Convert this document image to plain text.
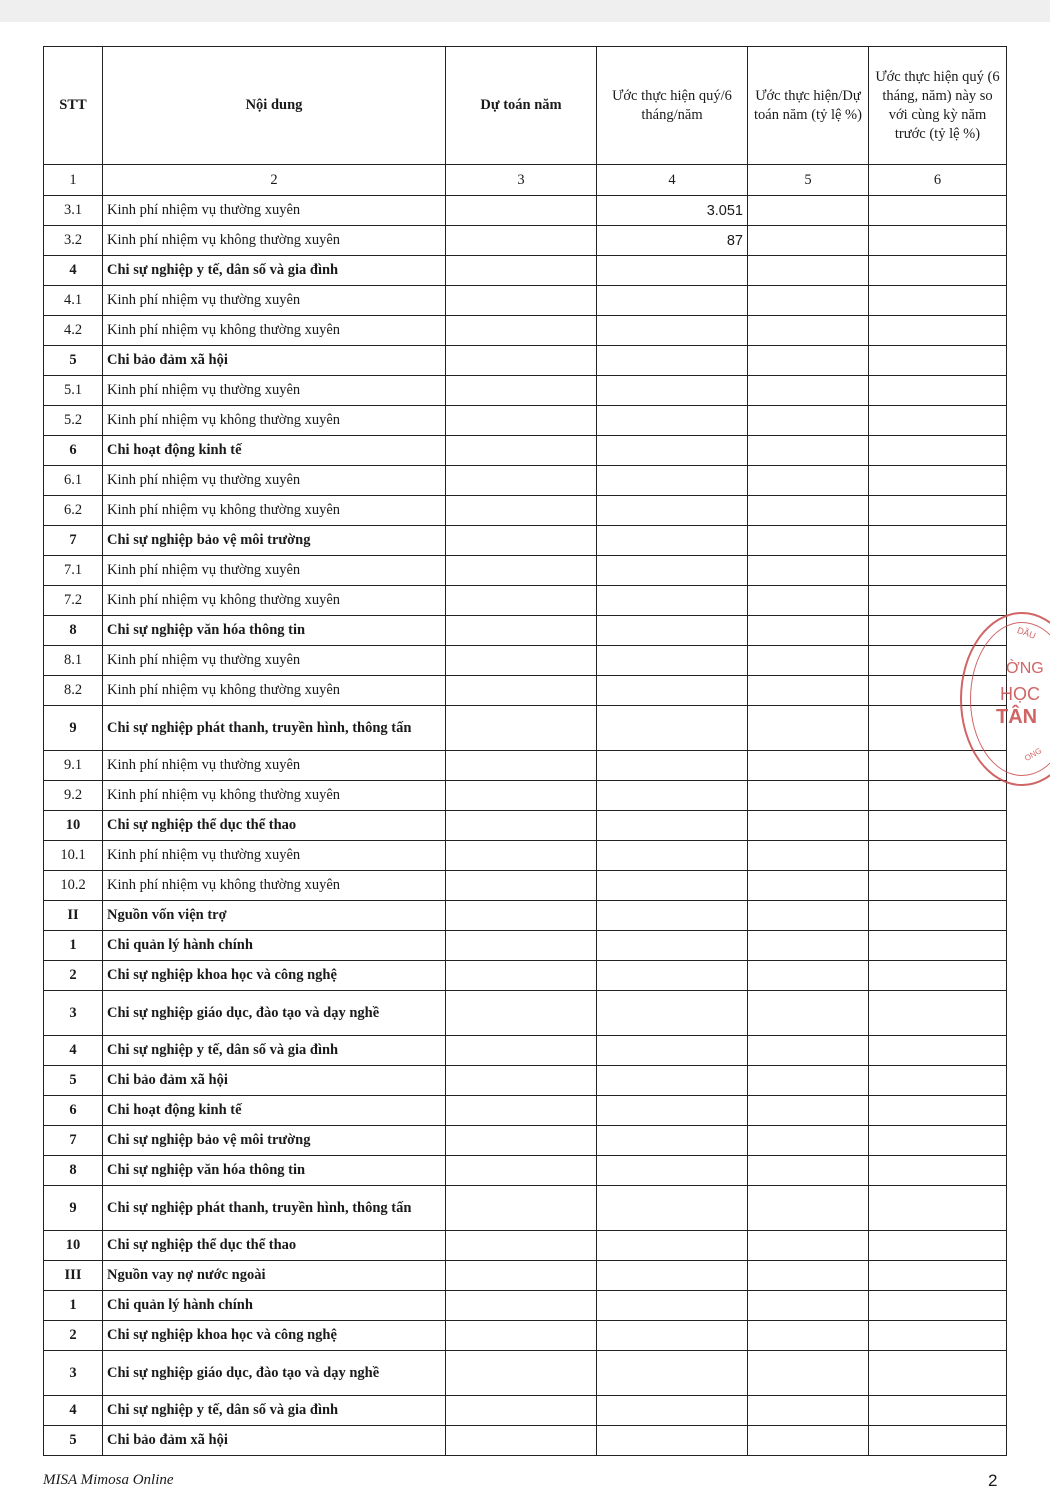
STT	Nội dung	Dự toán năm	Ước thực hiện quý/6 tháng/năm	Ước thực hiện/Dự toán năm (tỷ lệ %)	Ước thực hiện quý (6 tháng, năm) này so với cùng kỳ năm trước (tỷ lệ %)
1	2	3	4	5	6
3.1	Kinh phí nhiệm vụ thường xuyên		3.051		
3.2	Kinh phí nhiệm vụ không thường xuyên		87		
4	Chi sự nghiệp y tế, dân số và gia đình				
4.1	Kinh phí nhiệm vụ thường xuyên				
4.2	Kinh phí nhiệm vụ không thường xuyên				
5	Chi bảo đảm xã hội				
5.1	Kinh phí nhiệm vụ thường xuyên				
5.2	Kinh phí nhiệm vụ không thường xuyên				
6	Chi hoạt động kinh tế				
6.1	Kinh phí nhiệm vụ thường xuyên				
6.2	Kinh phí nhiệm vụ không thường xuyên				
7	Chi sự nghiệp bảo vệ môi trường				
7.1	Kinh phí nhiệm vụ thường xuyên				
7.2	Kinh phí nhiệm vụ không thường xuyên				
8	Chi sự nghiệp văn hóa thông tin				
8.1	Kinh phí nhiệm vụ thường xuyên				
8.2	Kinh phí nhiệm vụ không thường xuyên				
9	Chi sự nghiệp phát thanh, truyền hình, thông tấn				
9.1	Kinh phí nhiệm vụ thường xuyên				
9.2	Kinh phí nhiệm vụ không thường xuyên				
10	Chi sự nghiệp thể dục thể thao				
10.1	Kinh phí nhiệm vụ thường xuyên				
10.2	Kinh phí nhiệm vụ không thường xuyên				
II	Nguồn vốn viện trợ				
1	Chi quản lý hành chính				
2	Chi sự nghiệp khoa học và công nghệ				
3	Chi sự nghiệp giáo dục, đào tạo và dạy nghề				
4	Chi sự nghiệp y tế, dân số và gia đình				
5	Chi bảo đảm xã hội				
6	Chi hoạt động kinh tế				
7	Chi sự nghiệp bảo vệ môi trường				
8	Chi sự nghiệp văn hóa thông tin				
9	Chi sự nghiệp phát thanh, truyền hình, thông tấn				
10	Chi sự nghiệp thể dục thể thao				
III	Nguồn vay nợ nước ngoài				
1	Chi quản lý hành chính				
2	Chi sự nghiệp khoa học và công nghệ				
3	Chi sự nghiệp giáo dục, đào tạo và dạy nghề				
4	Chi sự nghiệp y tế, dân số và gia đình				
5	Chi bảo đảm xã hội				
DẦU
ỜNG
HỌC
TÂN
ONG
MISA Mimosa Online	2
